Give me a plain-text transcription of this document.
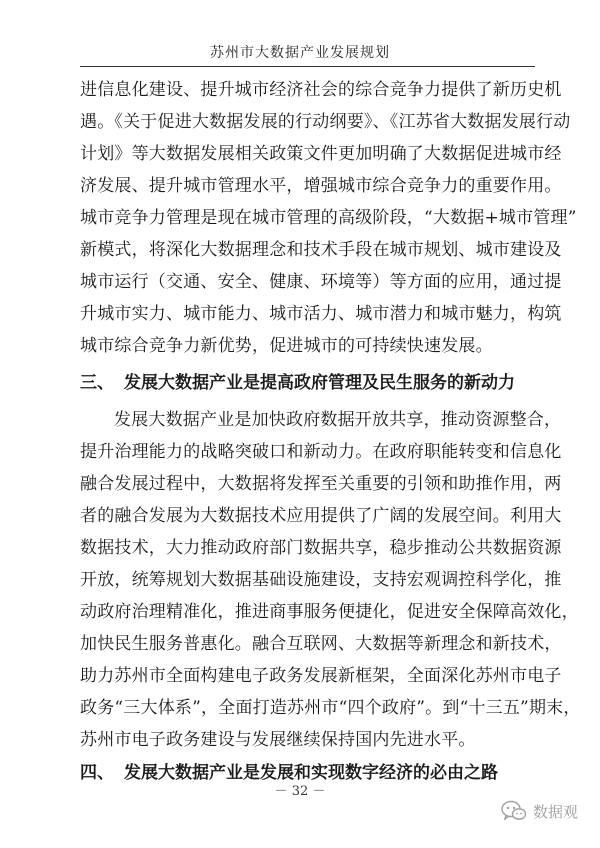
苏州市大数据产业发展规划
进信息化建设、提升城市经济社会的综合竞争力提供了新历史机
遇。《关于促进大数据发展的行动纲要》、《江苏省大数据发展行动
计划》等大数据发展相关政策文件更加明确了大数据促进城市经
济发展、提升城市管理水平，增强城市综合竞争力的重要作用。
城市竞争力管理是现在城市管理的高级阶段，“大数据+城市管理”
新模式，将深化大数据理念和技术手段在城市规划、城市建设及
城市运行（交通、安全、健康、环境等）等方面的应用，通过提
升城市实力、城市能力、城市活力、城市潜力和城市魅力，构筑
城市综合竞争力新优势，促进城市的可持续快速发展。
三、 发展大数据产业是提高政府管理及民生服务的新动力
发展大数据产业是加快政府数据开放共享，推动资源整合，
提升治理能力的战略突破口和新动力。在政府职能转变和信息化
融合发展过程中，大数据将发挥至关重要的引领和助推作用，两
者的融合发展为大数据技术应用提供了广阔的发展空间。利用大
数据技术，大力推动政府部门数据共享，稳步推动公共数据资源
开放，统筹规划大数据基础设施建设，支持宏观调控科学化，推
动政府治理精准化，推进商事服务便捷化，促进安全保障高效化，
加快民生服务普惠化。融合互联网、大数据等新理念和新技术，
助力苏州市全面构建电子政务发展新框架，全面深化苏州市电子
政务“三大体系”，全面打造苏州市“四个政府”。到“十三五”期末，
苏州市电子政务建设与发展继续保持国内先进水平。
四、 发展大数据产业是发展和实现数字经济的必由之路
－ 32 －
数据观
